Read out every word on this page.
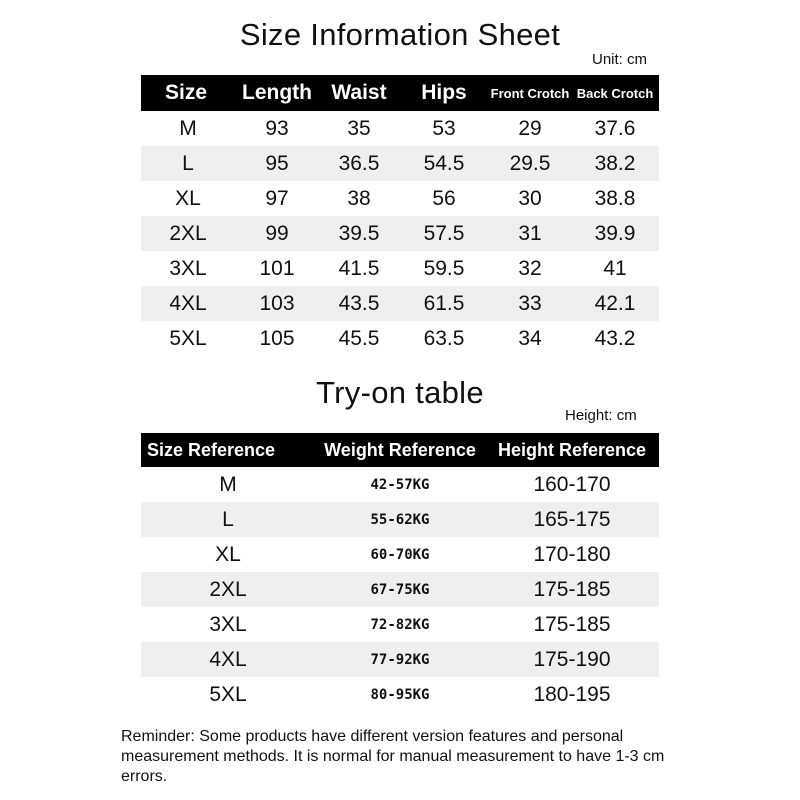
Size Information Sheet
Unit: cm
Size	Length	Waist	Hips	Front Crotch	Back Crotch
M	93	35	53	29	37.6
L	95	36.5	54.5	29.5	38.2
XL	97	38	56	30	38.8
2XL	99	39.5	57.5	31	39.9
3XL	101	41.5	59.5	32	41
4XL	103	43.5	61.5	33	42.1
5XL	105	45.5	63.5	34	43.2
Try-on table
Height: cm
Size Reference	Weight Reference	Height Reference
M	42-57KG	160-170
L	55-62KG	165-175
XL	60-70KG	170-180
2XL	67-75KG	175-185
3XL	72-82KG	175-185
4XL	77-92KG	175-190
5XL	80-95KG	180-195
Reminder: Some products have different version features and personal measurement methods. It is normal for manual measurement to have 1-3 cm errors.
